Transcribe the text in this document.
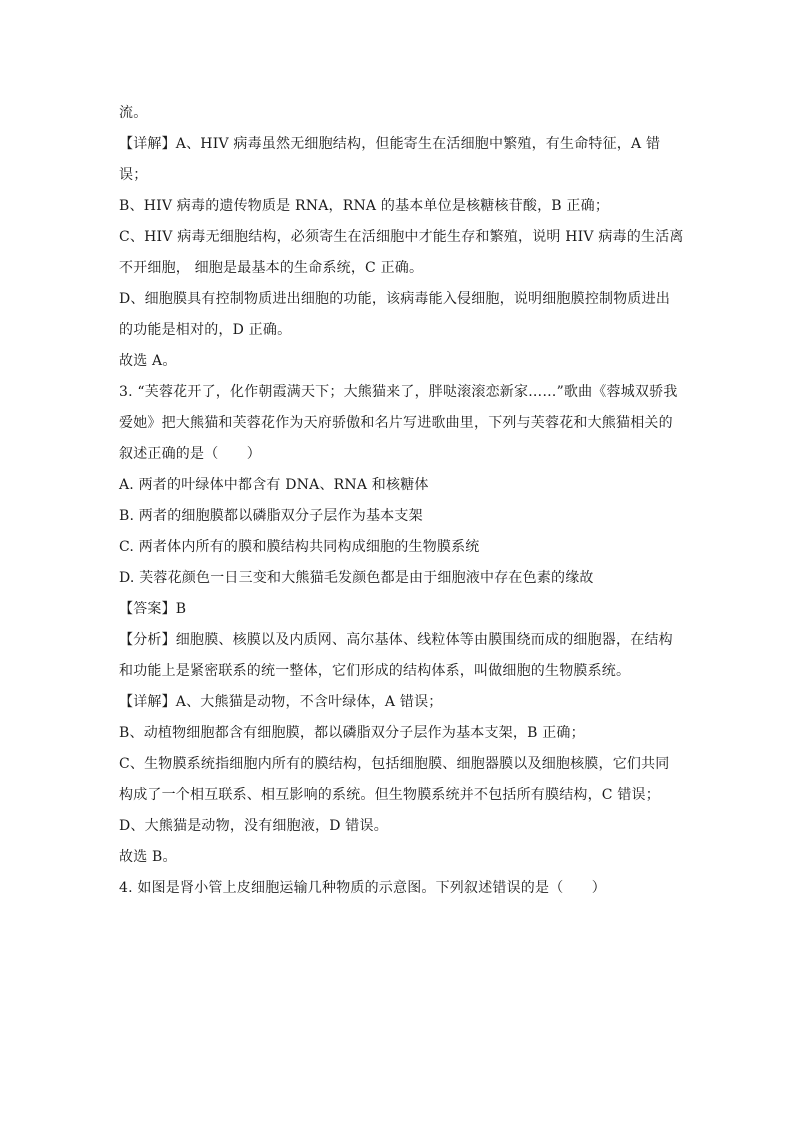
流。
【详解】A、HIV 病毒虽然无细胞结构，但能寄生在活细胞中繁殖，有生命特征，A 错
误；
B、HIV 病毒的遗传物质是 RNA，RNA 的基本单位是核糖核苷酸，B 正确；
C、HIV 病毒无细胞结构，必须寄生在活细胞中才能生存和繁殖，说明 HIV 病毒的生活离
不开细胞， 细胞是最基本的生命系统，C 正确。
D、细胞膜具有控制物质进出细胞的功能，该病毒能入侵细胞，说明细胞膜控制物质进出
的功能是相对的，D 正确。
故选 A。
3. “芙蓉花开了，化作朝霞满天下；大熊猫来了，胖哒滚滚恋新家……”歌曲《蓉城双骄我
爱她》把大熊猫和芙蓉花作为天府骄傲和名片写进歌曲里，下列与芙蓉花和大熊猫相关的
叙述正确的是（　　）
A. 两者的叶绿体中都含有 DNA、RNA 和核糖体
B. 两者的细胞膜都以磷脂双分子层作为基本支架
C. 两者体内所有的膜和膜结构共同构成细胞的生物膜系统
D. 芙蓉花颜色一日三变和大熊猫毛发颜色都是由于细胞液中存在色素的缘故
【答案】B
【分析】细胞膜、核膜以及内质网、高尔基体、线粒体等由膜围绕而成的细胞器，在结构
和功能上是紧密联系的统一整体，它们形成的结构体系，叫做细胞的生物膜系统。
【详解】A、大熊猫是动物，不含叶绿体，A 错误；
B、动植物细胞都含有细胞膜，都以磷脂双分子层作为基本支架，B 正确；
C、生物膜系统指细胞内所有的膜结构，包括细胞膜、细胞器膜以及细胞核膜，它们共同
构成了一个相互联系、相互影响的系统。但生物膜系统并不包括所有膜结构，C 错误；
D、大熊猫是动物，没有细胞液，D 错误。
故选 B。
4. 如图是肾小管上皮细胞运输几种物质的示意图。下列叙述错误的是（　　）
